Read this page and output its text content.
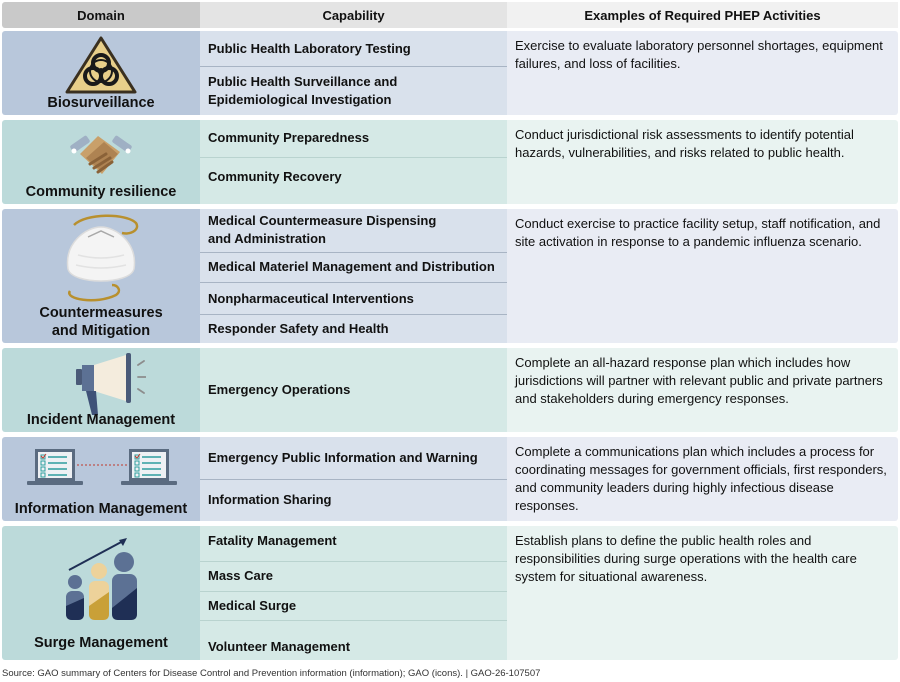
Domain	Capability	Examples of Required PHEP Activities
Biosurveillance
Public Health Laboratory Testing
Public Health Surveillance and Epidemiological Investigation
Exercise to evaluate laboratory personnel shortages, equipment failures, and loss of facilities.
Community resilience
Community Preparedness
Community Recovery
Conduct jurisdictional risk assessments to identify potential hazards, vulnerabilities, and risks related to public health.
Countermeasures and Mitigation
Medical Countermeasure Dispensing and Administration
Medical Materiel Management and Distribution
Nonpharmaceutical Interventions
Responder Safety and Health
Conduct exercise to practice facility setup, staff notification, and site activation in response to a pandemic influenza scenario.
Incident Management
Emergency Operations
Complete an all-hazard response plan which includes how jurisdictions will partner with relevant public and private partners and stakeholders during emergency responses.
Information Management
Emergency Public Information and Warning
Information Sharing
Complete a communications plan which includes a process for coordinating messages for government officials, first responders, and community leaders during highly infectious disease responses.
Surge Management
Fatality Management
Mass Care
Medical Surge
Volunteer Management
Establish plans to define the public health roles and responsibilities during surge operations with the health care system for situational awareness.
Source: GAO summary of Centers for Disease Control and Prevention information (information); GAO (icons). | GAO-26-107507
